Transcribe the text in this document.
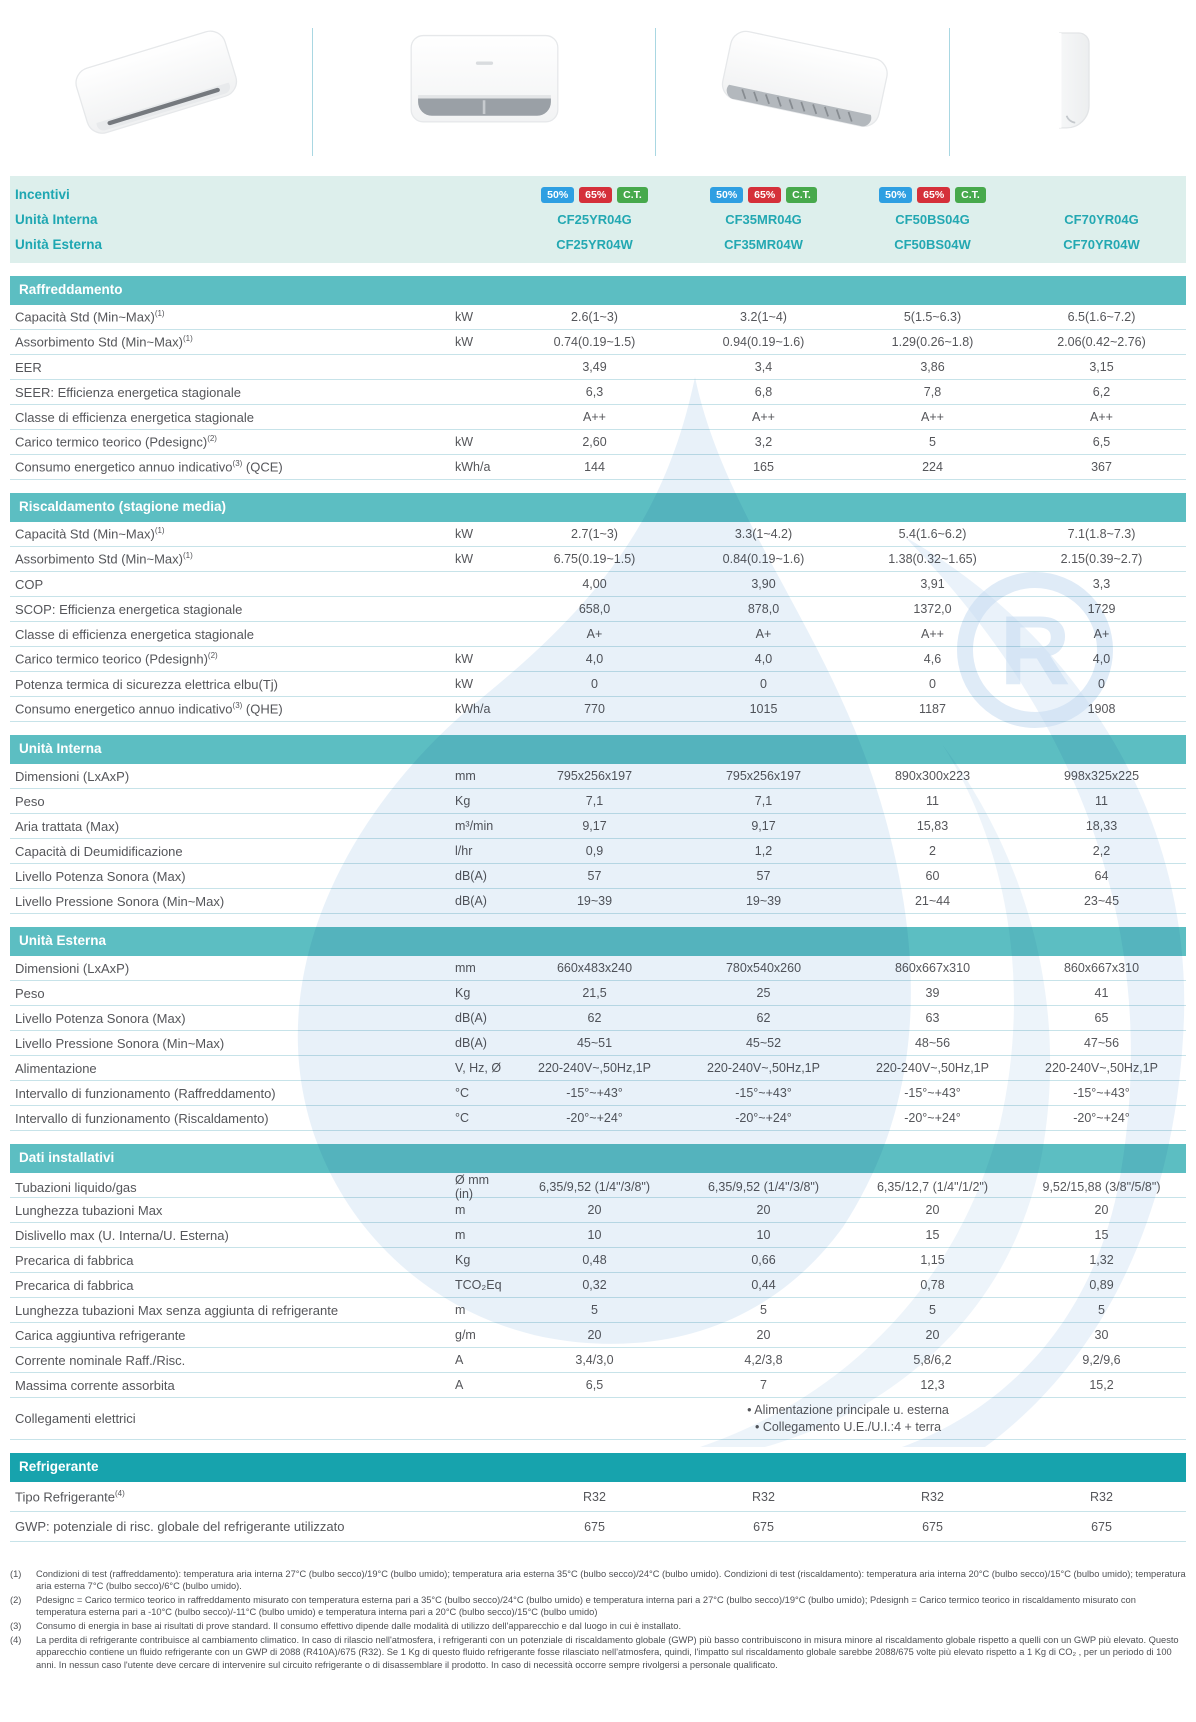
Incentivi	50%	65%	C.T.	50%	65%	C.T.	50%	65%	C.T.
Unità Interna	CF25YR04G	CF35MR04G	CF50BS04G	CF70YR04G
Unità Esterna	CF25YR04W	CF35MR04W	CF50BS04W	CF70YR04W
Raffreddamento
Capacità Std (Min~Max)$^{(1)}$	kW	2.6(1~3)	3.2(1~4)	5(1.5~6.3)	6.5(1.6~7.2)
Assorbimento Std (Min~Max)$^{(1)}$	kW	0.74(0.19~1.5)	0.94(0.19~1.6)	1.29(0.26~1.8)	2.06(0.42~2.76)
EER	3,49	3,4	3,86	3,15
SEER: Efficienza energetica stagionale	6,3	6,8	7,8	6,2
Classe di efficienza energetica stagionale	A++	A++	A++	A++
Carico termico teorico (Pdesignc)$^{(2)}$	kW	2,60	3,2	5	6,5
Consumo energetico annuo indicativo$^{(3)}$ (QCE)	kWh/a	144	165	224	367
Riscaldamento (stagione media)
Capacità Std (Min~Max)$^{(1)}$	kW	2.7(1~3)	3.3(1~4.2)	5.4(1.6~6.2)	7.1(1.8~7.3)
Assorbimento Std (Min~Max)$^{(1)}$	kW	6.75(0.19~1.5)	0.84(0.19~1.6)	1.38(0.32~1.65)	2.15(0.39~2.7)
COP	4,00	3,90	3,91	3,3
SCOP: Efficienza energetica stagionale	658,0	878,0	1372,0	1729
Classe di efficienza energetica stagionale	A+	A+	A++	A+
Carico termico teorico (Pdesignh)$^{(2)}$	kW	4,0	4,0	4,6	4,0
Potenza termica di sicurezza elettrica elbu(Tj)	kW	0	0	0	0
Consumo energetico annuo indicativo$^{(3)}$ (QHE)	kWh/a	770	1015	1187	1908
Unità Interna
Dimensioni (LxAxP)	mm	795x256x197	795x256x197	890x300x223	998x325x225
Peso	Kg	7,1	7,1	11	11
Aria trattata (Max)	m³/min	9,17	9,17	15,83	18,33
Capacità di Deumidificazione	l/hr	0,9	1,2	2	2,2
Livello Potenza Sonora (Max)	dB(A)	57	57	60	64
Livello Pressione Sonora (Min~Max)	dB(A)	19~39	19~39	21~44	23~45
Unità Esterna
Dimensioni (LxAxP)	mm	660x483x240	780x540x260	860x667x310	860x667x310
Peso	Kg	21,5	25	39	41
Livello Potenza Sonora (Max)	dB(A)	62	62	63	65
Livello Pressione Sonora (Min~Max)	dB(A)	45~51	45~52	48~56	47~56
Alimentazione	V, Hz, Ø	220-240V~,50Hz,1P	220-240V~,50Hz,1P	220-240V~,50Hz,1P	220-240V~,50Hz,1P
Intervallo di funzionamento (Raffreddamento)	°C	-15°~+43°	-15°~+43°	-15°~+43°	-15°~+43°
Intervallo di funzionamento (Riscaldamento)	°C	-20°~+24°	-20°~+24°	-20°~+24°	-20°~+24°
Dati installativi
Tubazioni liquido/gas	Ø mm (in)	6,35/9,52 (1/4"/3/8")	6,35/9,52 (1/4"/3/8")	6,35/12,7 (1/4"/1/2")	9,52/15,88 (3/8"/5/8")
Lunghezza tubazioni Max	m	20	20	20	20
Dislivello max (U. Interna/U. Esterna)	m	10	10	15	15
Precarica di fabbrica	Kg	0,48	0,66	1,15	1,32
Precarica di fabbrica	TCO₂Eq	0,32	0,44	0,78	0,89
Lunghezza tubazioni Max senza aggiunta di refrigerante	m	5	5	5	5
Carica aggiuntiva refrigerante	g/m	20	20	20	30
Corrente nominale Raff./Risc.	A	3,4/3,0	4,2/3,8	5,8/6,2	9,2/9,6
Massima corrente assorbita	A	6,5	7	12,3	15,2
Collegamenti elettrici
• Alimentazione principale u. esterna
• Collegamento U.E./U.I.:4 + terra
Refrigerante
Tipo Refrigerante$^{(4)}$	R32	R32	R32	R32
GWP: potenziale di risc. globale del refrigerante utilizzato	675	675	675	675
(1)	Condizioni di test (raffreddamento): temperatura aria interna 27°C (bulbo secco)/19°C (bulbo umido); temperatura aria esterna 35°C (bulbo secco)/24°C (bulbo umido). Condizioni di test (riscaldamento): temperatura aria interna 20°C (bulbo secco)/15°C (bulbo umido); temperatura aria esterna 7°C (bulbo secco)/6°C (bulbo umido).
(2)	Pdesignc = Carico termico teorico in raffreddamento misurato con temperatura esterna pari a 35°C (bulbo secco)/24°C (bulbo umido) e temperatura interna pari a 27°C (bulbo secco)/19°C (bulbo umido); Pdesignh = Carico termico teorico in riscaldamento misurato con temperatura esterna pari a -10°C (bulbo secco)/-11°C (bulbo umido) e temperatura interna pari a 20°C (bulbo secco)/15°C (bulbo umido)
(3)	Consumo di energia in base ai risultati di prove standard. Il consumo effettivo dipende dalle modalità di utilizzo dell'apparecchio e dal luogo in cui è installato.
(4)	La perdita di refrigerante contribuisce al cambiamento climatico. In caso di rilascio nell'atmosfera, i refrigeranti con un potenziale di riscaldamento globale (GWP) più basso contribuiscono in misura minore al riscaldamento globale rispetto a quelli con un GWP più elevato. Questo apparecchio contiene un fluido refrigerante con un GWP di 2088 (R410A)/675 (R32). Se 1 Kg di questo fluido refrigerante fosse rilasciato nell'atmosfera, quindi, l'impatto sul riscaldamento globale sarebbe 2088/675 volte più elevato rispetto a 1 Kg di CO₂ , per un periodo di 100 anni. In nessun caso l'utente deve cercare di intervenire sul circuito refrigerante o di disassemblare il prodotto. In caso di necessità occorre sempre rivolgersi a personale qualificato.
R
